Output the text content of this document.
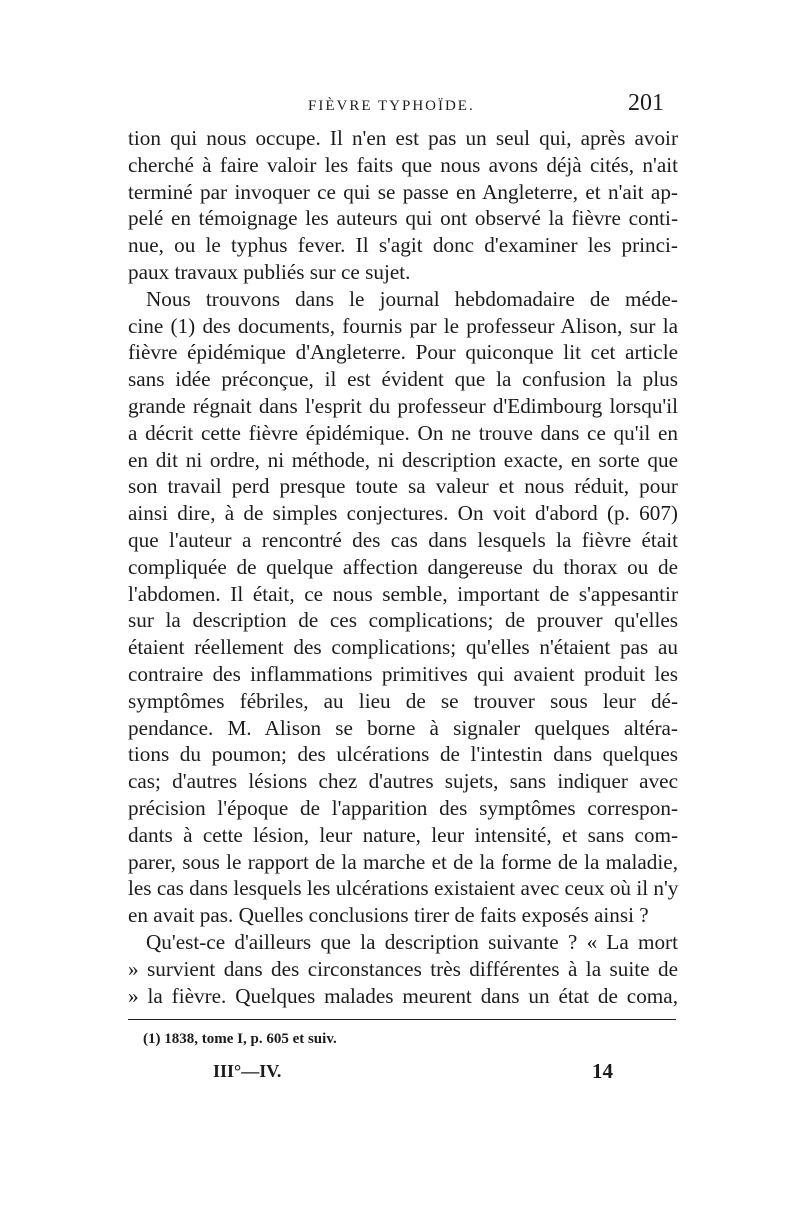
FIÈVRE TYPHOÏDE.	201
tion qui nous occupe. Il n'en est pas un seul qui, après avoir
cherché à faire valoir les faits que nous avons déjà cités, n'ait
terminé par invoquer ce qui se passe en Angleterre, et n'ait ap-
pelé en témoignage les auteurs qui ont observé la fièvre conti-
nue, ou le typhus fever. Il s'agit donc d'examiner les princi-
paux travaux publiés sur ce sujet.
Nous trouvons dans le journal hebdomadaire de méde-
cine (1) des documents, fournis par le professeur Alison, sur la
fièvre épidémique d'Angleterre. Pour quiconque lit cet article
sans idée préconçue, il est évident que la confusion la plus
grande régnait dans l'esprit du professeur d'Edimbourg lorsqu'il
a décrit cette fièvre épidémique. On ne trouve dans ce qu'il en
en dit ni ordre, ni méthode, ni description exacte, en sorte que
son travail perd presque toute sa valeur et nous réduit, pour
ainsi dire, à de simples conjectures. On voit d'abord (p. 607)
que l'auteur a rencontré des cas dans lesquels la fièvre était
compliquée de quelque affection dangereuse du thorax ou de
l'abdomen. Il était, ce nous semble, important de s'appesantir
sur la description de ces complications; de prouver qu'elles
étaient réellement des complications; qu'elles n'étaient pas au
contraire des inflammations primitives qui avaient produit les
symptômes fébriles, au lieu de se trouver sous leur dé-
pendance. M. Alison se borne à signaler quelques altéra-
tions du poumon; des ulcérations de l'intestin dans quelques
cas; d'autres lésions chez d'autres sujets, sans indiquer avec
précision l'époque de l'apparition des symptômes correspon-
dants à cette lésion, leur nature, leur intensité, et sans com-
parer, sous le rapport de la marche et de la forme de la maladie,
les cas dans lesquels les ulcérations existaient avec ceux où il n'y
en avait pas. Quelles conclusions tirer de faits exposés ainsi ?
Qu'est-ce d'ailleurs que la description suivante ? « La mort
» survient dans des circonstances très différentes à la suite de
» la fièvre. Quelques malades meurent dans un état de coma,
(1) 1838, tome I, p. 605 et suiv.
III°—IV.	14
